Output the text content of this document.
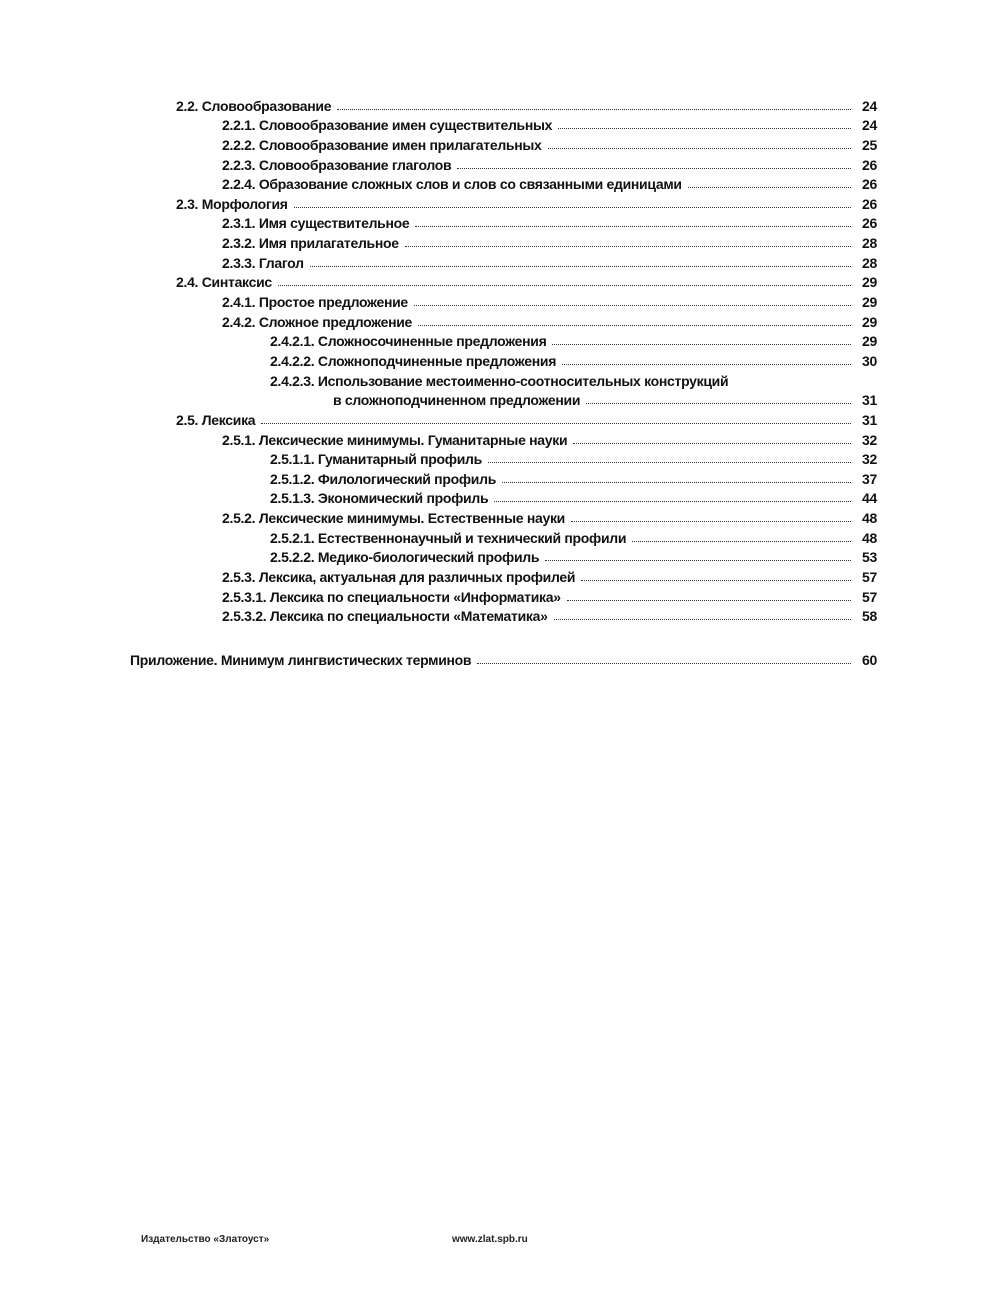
2.2. Словообразование	24
2.2.1. Словообразование имен существительных	24
2.2.2. Словообразование имен прилагательных	25
2.2.3. Словообразование глаголов	26
2.2.4. Образование сложных слов и слов со связанными единицами	26
2.3. Морфология	26
2.3.1. Имя существительное	26
2.3.2. Имя прилагательное	28
2.3.3. Глагол	28
2.4. Синтаксис	29
2.4.1. Простое предложение	29
2.4.2. Сложное предложение	29
2.4.2.1. Сложносочиненные предложения	29
2.4.2.2. Сложноподчиненные предложения	30
2.4.2.3. Использование местоименно-соотносительных конструкций
в сложноподчиненном предложении	31
2.5. Лексика	31
2.5.1. Лексические минимумы. Гуманитарные науки	32
2.5.1.1. Гуманитарный профиль	32
2.5.1.2. Филологический профиль	37
2.5.1.3. Экономический профиль	44
2.5.2. Лексические минимумы. Естественные науки	48
2.5.2.1. Естественнонаучный и технический профили	48
2.5.2.2. Медико-биологический профиль	53
2.5.3. Лексика, актуальная для различных профилей	57
2.5.3.1. Лексика по специальности «Информатика»	57
2.5.3.2. Лексика по специальности «Математика»	58
Приложение. Минимум лингвистических терминов	60
Издательство «Златоуст»	www.zlat.spb.ru
